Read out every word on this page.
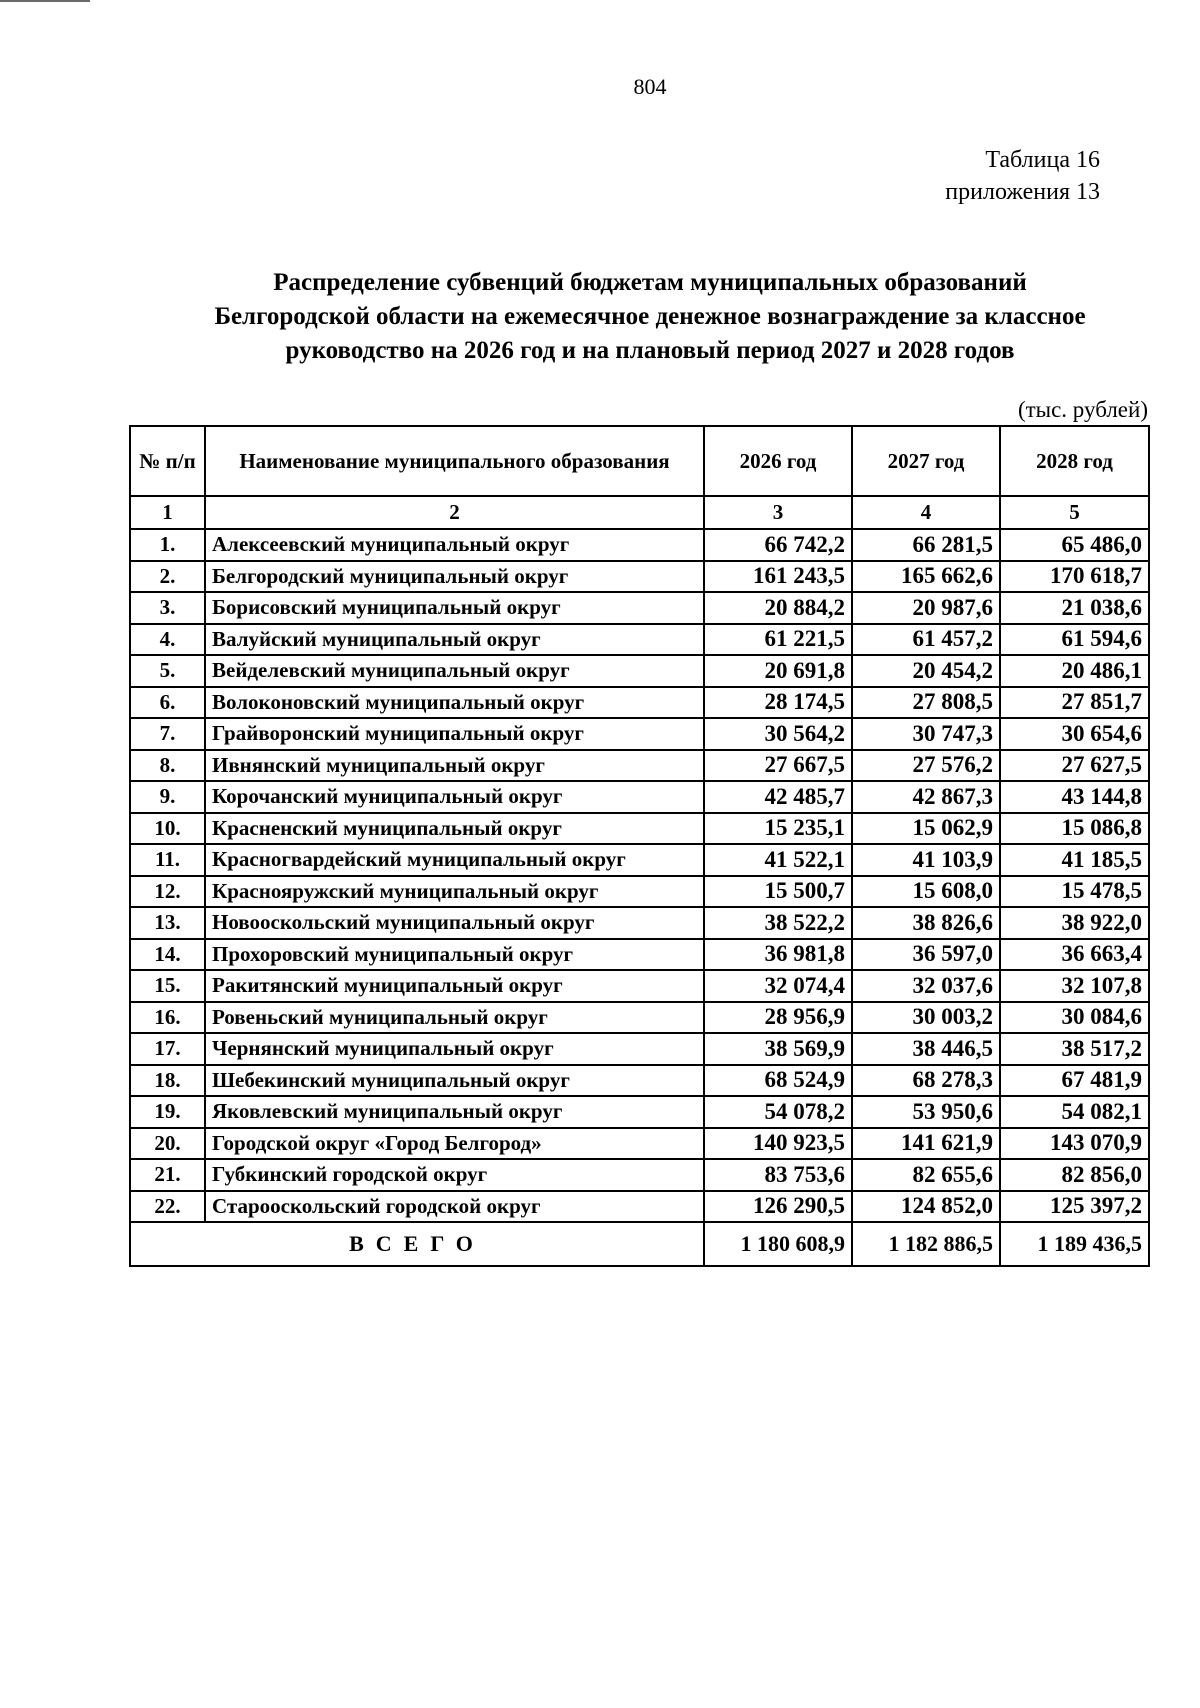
804
Таблица 16
приложения 13
Распределение субвенций бюджетам муниципальных образований
Белгородской области на ежемесячное денежное вознаграждение за классное
руководство на 2026 год и на плановый период 2027 и 2028 годов
(тыс. рублей)
№ п/п	Наименование муниципального образования	2026 год	2027 год	2028 год
1	2	3	4	5
1.	Алексеевский муниципальный округ	66 742,2	66 281,5	65 486,0
2.	Белгородский муниципальный округ	161 243,5	165 662,6	170 618,7
3.	Борисовский муниципальный округ	20 884,2	20 987,6	21 038,6
4.	Валуйский муниципальный округ	61 221,5	61 457,2	61 594,6
5.	Вейделевский муниципальный округ	20 691,8	20 454,2	20 486,1
6.	Волоконовский муниципальный округ	28 174,5	27 808,5	27 851,7
7.	Грайворонский муниципальный округ	30 564,2	30 747,3	30 654,6
8.	Ивнянский муниципальный округ	27 667,5	27 576,2	27 627,5
9.	Корочанский муниципальный округ	42 485,7	42 867,3	43 144,8
10.	Красненский муниципальный округ	15 235,1	15 062,9	15 086,8
11.	Красногвардейский муниципальный округ	41 522,1	41 103,9	41 185,5
12.	Краснояружский муниципальный округ	15 500,7	15 608,0	15 478,5
13.	Новооскольский муниципальный округ	38 522,2	38 826,6	38 922,0
14.	Прохоровский муниципальный округ	36 981,8	36 597,0	36 663,4
15.	Ракитянский муниципальный округ	32 074,4	32 037,6	32 107,8
16.	Ровеньский муниципальный округ	28 956,9	30 003,2	30 084,6
17.	Чернянский муниципальный округ	38 569,9	38 446,5	38 517,2
18.	Шебекинский муниципальный округ	68 524,9	68 278,3	67 481,9
19.	Яковлевский муниципальный округ	54 078,2	53 950,6	54 082,1
20.	Городской округ «Город Белгород»	140 923,5	141 621,9	143 070,9
21.	Губкинский городской округ	83 753,6	82 655,6	82 856,0
22.	Старооскольский городской округ	126 290,5	124 852,0	125 397,2
ВСЕГО		1 180 608,9	1 182 886,5	1 189 436,5
